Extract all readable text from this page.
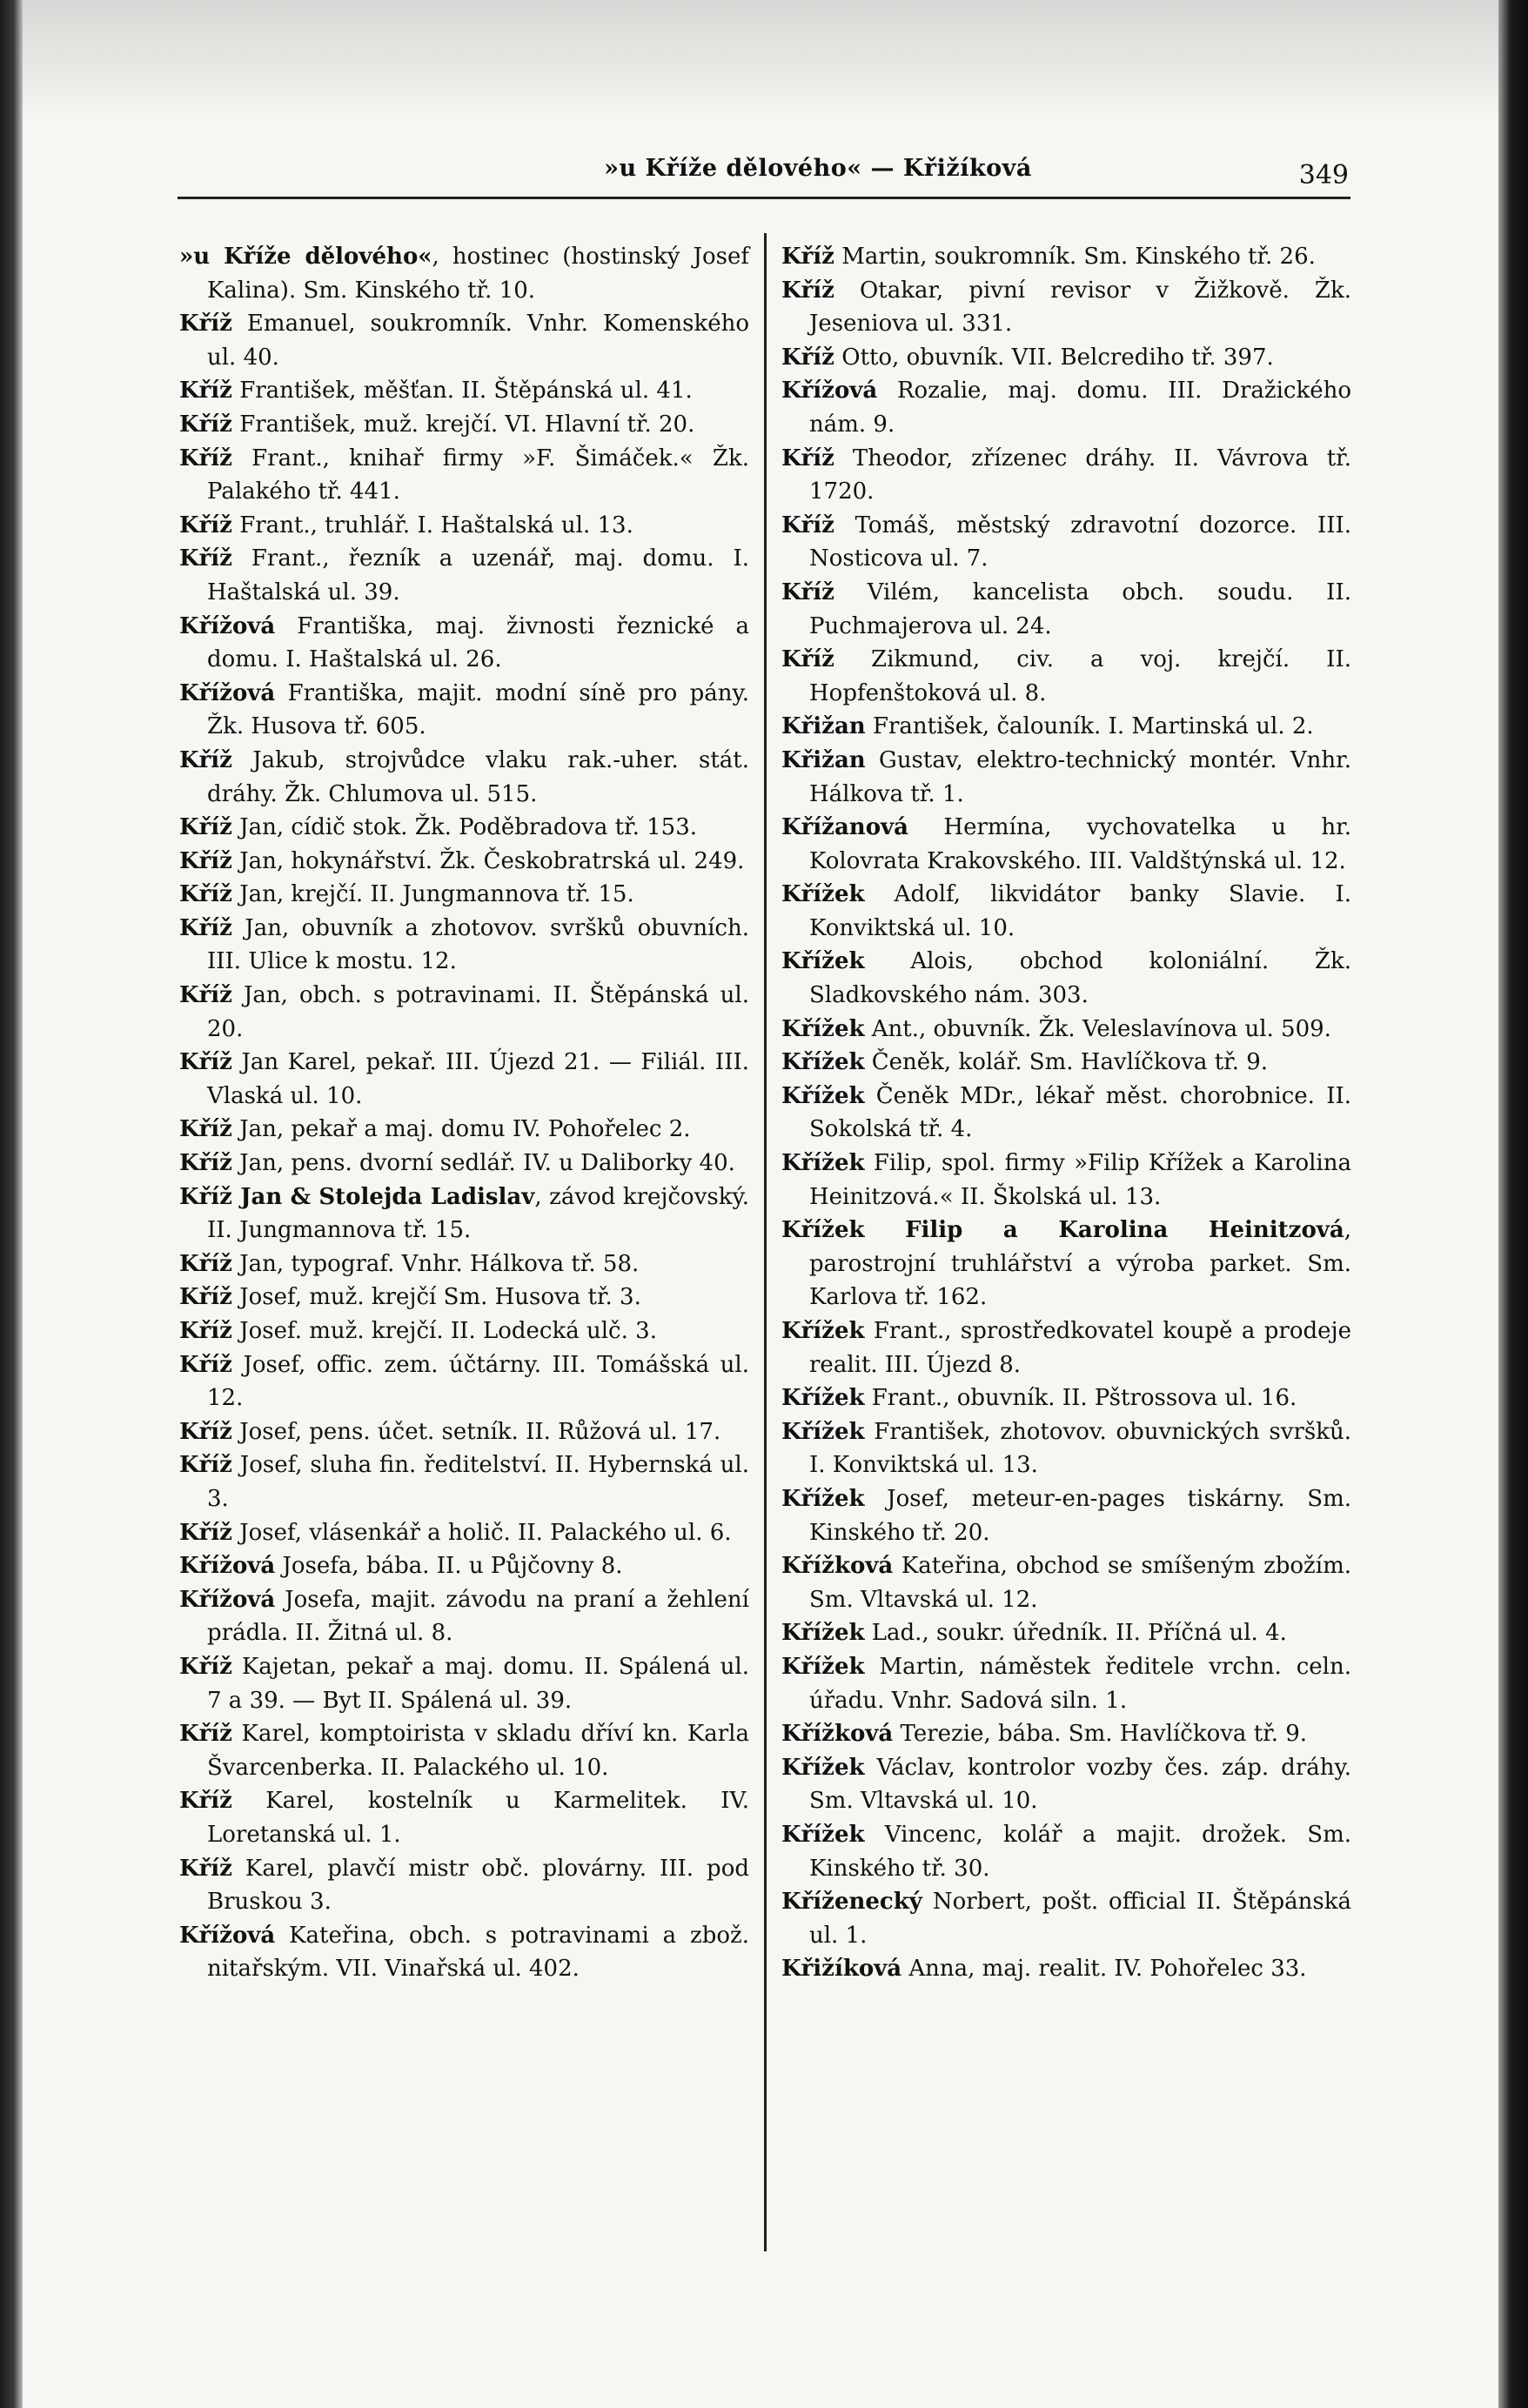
»u Kříže dělového« — Křižíková	349

»u Kříže dělového«, hostinec (hostinský Josef Kalina). Sm. Kinského tř. 10.

Kříž Emanuel, soukromník. Vnhr. Komenského ul. 40.

Kříž František, měšťan. II. Štěpánská ul. 41.

Kříž František, muž. krejčí. VI. Hlavní tř. 20.

Kříž Frant., knihař firmy »F. Šimáček.« Žk. Palakého tř. 441.

Kříž Frant., truhlář. I. Haštalská ul. 13.

Kříž Frant., řezník a uzenář, maj. domu. I. Haštalská ul. 39.

Křížová Františka, maj. živnosti řeznické a domu. I. Haštalská ul. 26.

Křížová Františka, majit. modní síně pro pány. Žk. Husova tř. 605.

Kříž Jakub, strojvůdce vlaku rak.-uher. stát. dráhy. Žk. Chlumova ul. 515.

Kříž Jan, cídič stok. Žk. Poděbradova tř. 153.

Kříž Jan, hokynářství. Žk. Českobratrská ul. 249.

Kříž Jan, krejčí. II. Jungmannova tř. 15.

Kříž Jan, obuvník a zhotovov. svršků obuvních. III. Ulice k mostu. 12.

Kříž Jan, obch. s potravinami. II. Štěpánská ul. 20.

Kříž Jan Karel, pekař. III. Újezd 21. — Filiál. III. Vlaská ul. 10.

Kříž Jan, pekař a maj. domu IV. Pohořelec 2.

Kříž Jan, pens. dvorní sedlář. IV. u Daliborky 40.

Kříž Jan & Stolejda Ladislav, závod krejčovský. II. Jungmannova tř. 15.

Kříž Jan, typograf. Vnhr. Hálkova tř. 58.

Kříž Josef, muž. krejčí Sm. Husova tř. 3.

Kříž Josef. muž. krejčí. II. Lodecká ulč. 3.

Kříž Josef, offic. zem. účtárny. III. Tomášská ul. 12.

Kříž Josef, pens. účet. setník. II. Růžová ul. 17.

Kříž Josef, sluha fin. ředitelství. II. Hybernská ul. 3.

Kříž Josef, vlásenkář a holič. II. Palackého ul. 6.

Křížová Josefa, bába. II. u Půjčovny 8.

Křížová Josefa, majit. závodu na praní a žehlení prádla. II. Žitná ul. 8.

Kříž Kajetan, pekař a maj. domu. II. Spálená ul. 7 a 39. — Byt II. Spálená ul. 39.

Kříž Karel, komptoirista v skladu dříví kn. Karla Švarcenberka. II. Palackého ul. 10.

Kříž Karel, kostelník u Karmelitek. IV. Loretanská ul. 1.

Kříž Karel, plavčí mistr obč. plovárny. III. pod Bruskou 3.

Křížová Kateřina, obch. s potravinami a zbož. nitařským. VII. Vinařská ul. 402.

Kříž Martin, soukromník. Sm. Kinského tř. 26.

Kříž Otakar, pivní revisor v Žižkově. Žk. Jeseniova ul. 331.

Kříž Otto, obuvník. VII. Belcrediho tř. 397.

Křížová Rozalie, maj. domu. III. Dražického nám. 9.

Kříž Theodor, zřízenec dráhy. II. Vávrova tř. 1720.

Kříž Tomáš, městský zdravotní dozorce. III. Nosticova ul. 7.

Kříž Vilém, kancelista obch. soudu. II. Puchmajerova ul. 24.

Kříž Zikmund, civ. a voj. krejčí. II. Hopfenštoková ul. 8.

Křižan František, čalouník. I. Martinská ul. 2.

Křižan Gustav, elektro-technický montér. Vnhr. Hálkova tř. 1.

Křížanová Hermína, vychovatelka u hr. Kolovrata Krakovského. III. Valdštýnská ul. 12.

Křížek Adolf, likvidátor banky Slavie. I. Konviktská ul. 10.

Křížek Alois, obchod koloniální. Žk. Sladkovského nám. 303.

Křížek Ant., obuvník. Žk. Veleslavínova ul. 509.

Křížek Čeněk, kolář. Sm. Havlíčkova tř. 9.

Křížek Čeněk MDr., lékař měst. chorobnice. II. Sokolská tř. 4.

Křížek Filip, spol. firmy »Filip Křížek a Karolina Heinitzová.« II. Školská ul. 13.

Křížek Filip a Karolina Heinitzová, parostrojní truhlářství a výroba parket. Sm. Karlova tř. 162.

Křížek Frant., sprostředkovatel koupě a prodeje realit. III. Újezd 8.

Křížek Frant., obuvník. II. Pštrossova ul. 16.

Křížek František, zhotovov. obuvnických svršků. I. Konviktská ul. 13.

Křížek Josef, meteur-en-pages tiskárny. Sm. Kinského tř. 20.

Křížková Kateřina, obchod se smíšeným zbožím. Sm. Vltavská ul. 12.

Křížek Lad., soukr. úředník. II. Příčná ul. 4.

Křížek Martin, náměstek ředitele vrchn. celn. úřadu. Vnhr. Sadová siln. 1.

Křížková Terezie, bába. Sm. Havlíčkova tř. 9.

Křížek Václav, kontrolor vozby čes. záp. dráhy. Sm. Vltavská ul. 10.

Křížek Vincenc, kolář a majit. drožek. Sm. Kinského tř. 30.

Kříženecký Norbert, pošt. official II. Štěpánská ul. 1.

Křižíková Anna, maj. realit. IV. Pohořelec 33.
